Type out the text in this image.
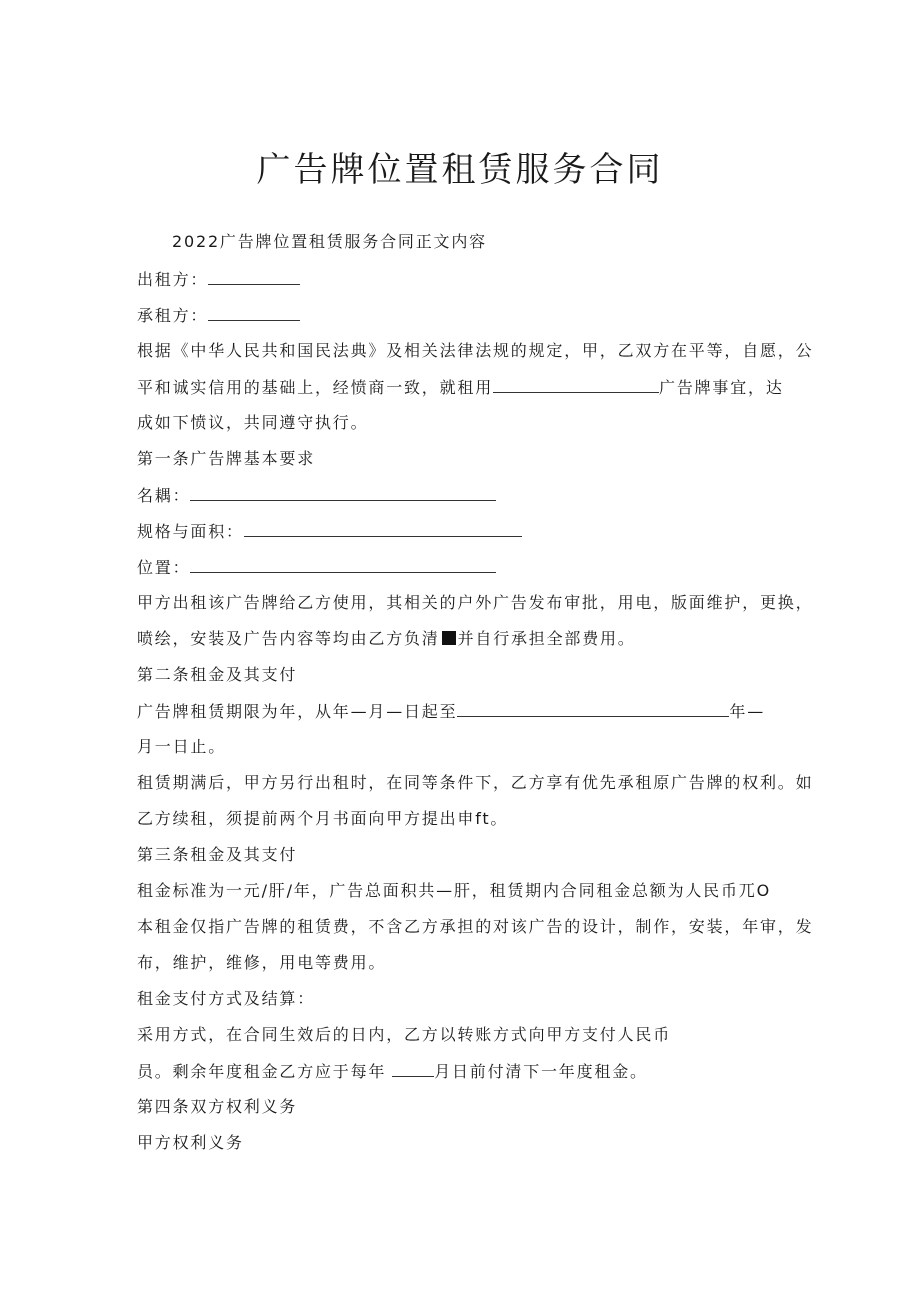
广告牌位置租赁服务合同

2022广告牌位置租赁服务合同正文内容

出租方：

承租方：

根据《中华人民共和国民法典》及相关法律法规的规定，甲，乙双方在平等，自愿，公

平和诚实信用的基础上，经愤商一致，就租用	广告牌事宜，达

成如下愤议，共同遵守执行。

第一条广告牌基本要求

名耦：

规格与面积：

位置：

甲方出租该广告牌给乙方使用，其相关的户外广告发布审批，用电，版面维护，更换，

喷绘，安装及广告内容等均由乙方负清 并自行承担全部费用。

第二条租金及其支付

广告牌租赁期限为年，从年—月—日起至	年—

月一日止。

租赁期满后，甲方另行出租时，在同等条件下，乙方享有优先承租原广告牌的权利。如

乙方续租，须提前两个月书面向甲方提出申ft。

第三条租金及其支付

租金标准为一元/肝/年，广告总面积共—肝，租赁期内合同租金总额为人民币兀O

本租金仅指广告牌的租赁费，不含乙方承担的对该广告的设计，制作，安装，年审，发

布，维护，维修，用电等费用。

租金支付方式及结算：

采用方式，在合同生效后的日内，乙方以转账方式向甲方支付人民币

员。剩余年度租金乙方应于每年	月日前付清下一年度租金。

第四条双方权利义务

甲方权利义务
